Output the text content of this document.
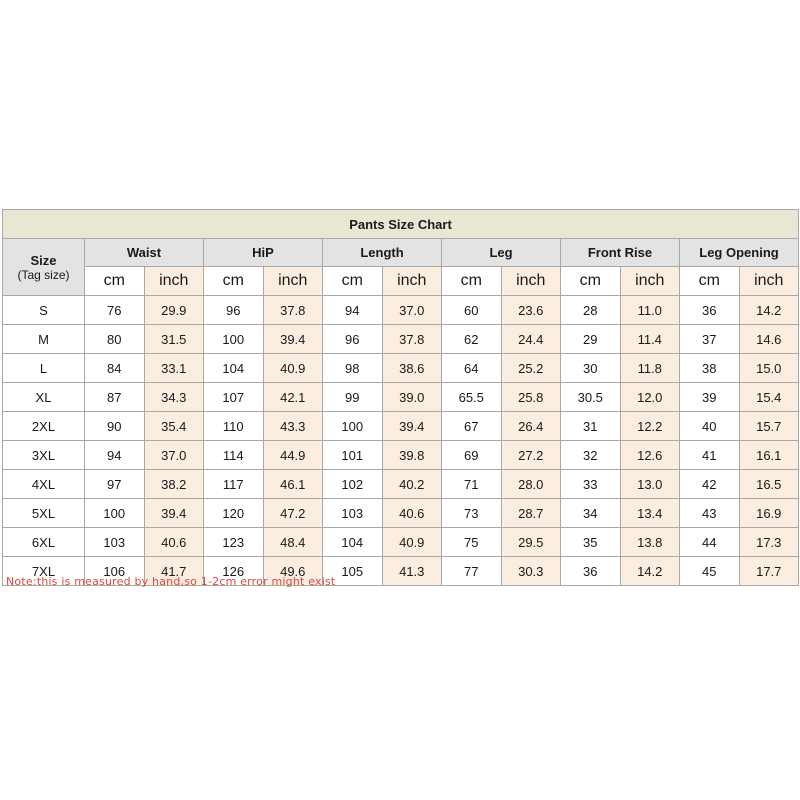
Pants Size Chart												

Size
(Tag size)	Waist		HiP		Length		Leg		Front Rise		Leg Opening	
	cm	inch	cm	inch	cm	inch	cm	inch	cm	inch	cm	inch
S	76	29.9	96	37.8	94	37.0	60	23.6	28	11.0	36	14.2
M	80	31.5	100	39.4	96	37.8	62	24.4	29	11.4	37	14.6
L	84	33.1	104	40.9	98	38.6	64	25.2	30	11.8	38	15.0
XL	87	34.3	107	42.1	99	39.0	65.5	25.8	30.5	12.0	39	15.4
2XL	90	35.4	110	43.3	100	39.4	67	26.4	31	12.2	40	15.7
3XL	94	37.0	114	44.9	101	39.8	69	27.2	32	12.6	41	16.1
4XL	97	38.2	117	46.1	102	40.2	71	28.0	33	13.0	42	16.5
5XL	100	39.4	120	47.2	103	40.6	73	28.7	34	13.4	43	16.9
6XL	103	40.6	123	48.4	104	40.9	75	29.5	35	13.8	44	17.3
7XL	106	41.7	126	49.6	105	41.3	77	30.3	36	14.2	45	17.7
Note:this is measured by hand,so 1-2cm error might exist
